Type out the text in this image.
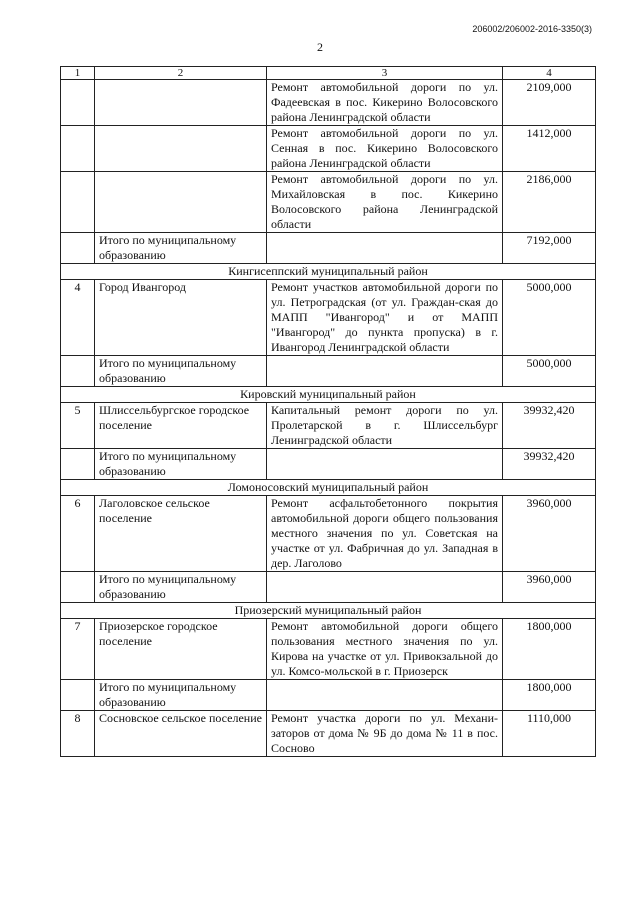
206002/206002-2016-3350(3)
2
1	2	3	4
		Ремонт автомобильной дороги по ул. Фадеевская в пос. Кикерино Волосовского района Ленинградской области	2109,000
		Ремонт автомобильной дороги по ул. Сенная в пос. Кикерино Волосовского района Ленинградской области	1412,000
		Ремонт автомобильной дороги по ул. Михайловская в пос. Кикерино Волосовского района Ленинградской области	2186,000
	Итого по муниципальному образованию		7192,000
Кингисеппский муниципальный район			
4	Город Ивангород	Ремонт участков автомобильной дороги по ул. Петроградская (от ул. Граждан-ская до МАПП "Ивангород" и от МАПП "Ивангород" до пункта пропуска) в г. Ивангород Ленинградской области	5000,000
	Итого по муниципальному образованию		5000,000
Кировский муниципальный район			
5	Шлиссельбургское городское поселение	Капитальный ремонт дороги по ул. Пролетарской в г. Шлиссельбург Ленинградской области	39932,420
	Итого по муниципальному образованию		39932,420
Ломоносовский муниципальный район			
6	Лаголовское сельское поселение	Ремонт асфальтобетонного покрытия автомобильной дороги общего пользования местного значения по ул. Советская на участке от ул. Фабричная до ул. Западная в дер. Лаголово	3960,000
	Итого по муниципальному образованию		3960,000
Приозерский муниципальный район			
7	Приозерское городское поселение	Ремонт автомобильной дороги общего пользования местного значения по ул. Кирова на участке от ул. Привокзальной до ул. Комсо-мольской в г. Приозерск	1800,000
	Итого по муниципальному образованию		1800,000
8	Сосновское сельское поселение	Ремонт участка дороги по ул. Механи-заторов от дома № 9Б до дома № 11 в пос. Сосново	1110,000
